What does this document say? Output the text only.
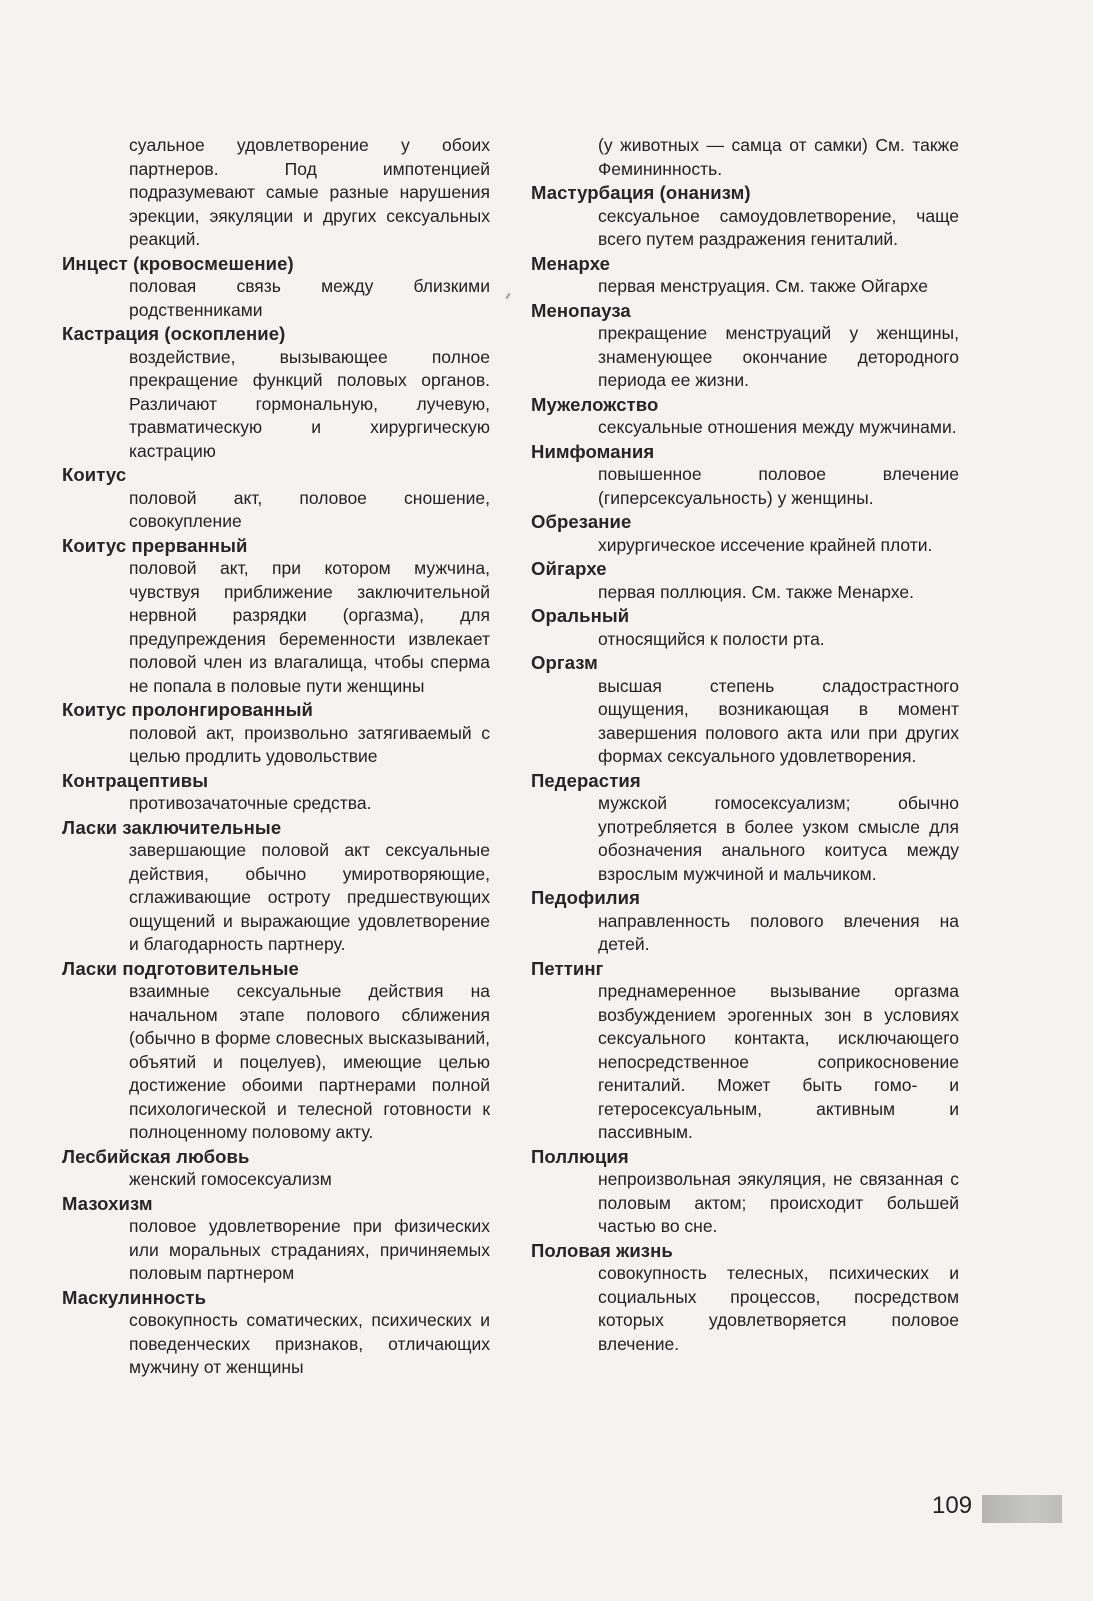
сyальное удовлетворение у обоих партнеров. Под импотенцией подразумевают самые разные нарушения эрекции, эякуляции и других сексуальных реакций.
Инцест (кровосмешение)
половая связь между близкими родственниками
Кастрация (оскопление)
воздействие, вызывающее полное прекращение функций половых органов. Различают гормональную, лучевую, травматическую и хирургическую кастрацию
Коитус
половой акт, половое сношение, совокупление
Коитус прерванный
половой акт, при котором мужчина, чувствуя приближение заключительной нервной разрядки (оргазма), для предупреждения беременности извлекает половой член из влагалища, чтобы сперма не попала в половые пути женщины
Коитус пролонгированный
половой акт, произвольно затягиваемый с целью продлить удовольствие
Контрацептивы
противозачаточные средства.
Ласки заключительные
завершающие половой акт сексуальные действия, обычно умиротворяющие, сглаживающие остроту предшествующих ощущений и выражающие удовлетворение и благодарность партнеру.
Ласки подготовительные
взаимные сексуальные действия на начальном этапе полового сближения (обычно в форме словесных высказываний, объятий и поцелуев), имеющие целью достижение обоими партнерами полной психологической и телесной готовности к полноценному половому акту.
Лесбийская любовь
женский гомосексуализм
Мазохизм
половое удовлетворение при физических или моральных страданиях, причиняемых половым партнером
Маскулинность
совокупность соматических, психических и поведенческих признаков, отличающих мужчину от женщины
(у животных — самца от самки) См. также Фемининность.
Мастурбация (онанизм)
сексуальное самоудовлетворение, чаще всего путем раздражения гениталий.
Менархе
первая менструация. См. также Ойгархе
Менопауза
прекращение менструаций у женщины, знаменующее окончание детородного периода ее жизни.
Мужеложство
сексуальные отношения между мужчинами.
Нимфомания
повышенное половое влечение (гиперсексуальность) у женщины.
Обрезание
хирургическое иссечение крайней плоти.
Ойгархе
первая поллюция. См. также Менархе.
Оральный
относящийся к полости рта.
Оргазм
высшая степень сладострастного ощущения, возникающая в момент завершения полового акта или при других формах сексуального удовлетворения.
Педерастия
мужской гомосексуализм; обычно употребляется в более узком смысле для обозначения анального коитуса между взрослым мужчиной и мальчиком.
Педофилия
направленность полового влечения на детей.
Петтинг
преднамеренное вызывание оргазма возбуждением эрогенных зон в условиях сексуального контакта, исключающего непосредственное соприкосновение гениталий. Может быть гомо- и гетеросексуальным, активным и пассивным.
Поллюция
непроизвольная эякуляция, не связанная с половым актом; происходит большей частью во сне.
Половая жизнь
совокупность телесных, психических и социальных процессов, посредством которых удовлетворяется половое влечение.
109
